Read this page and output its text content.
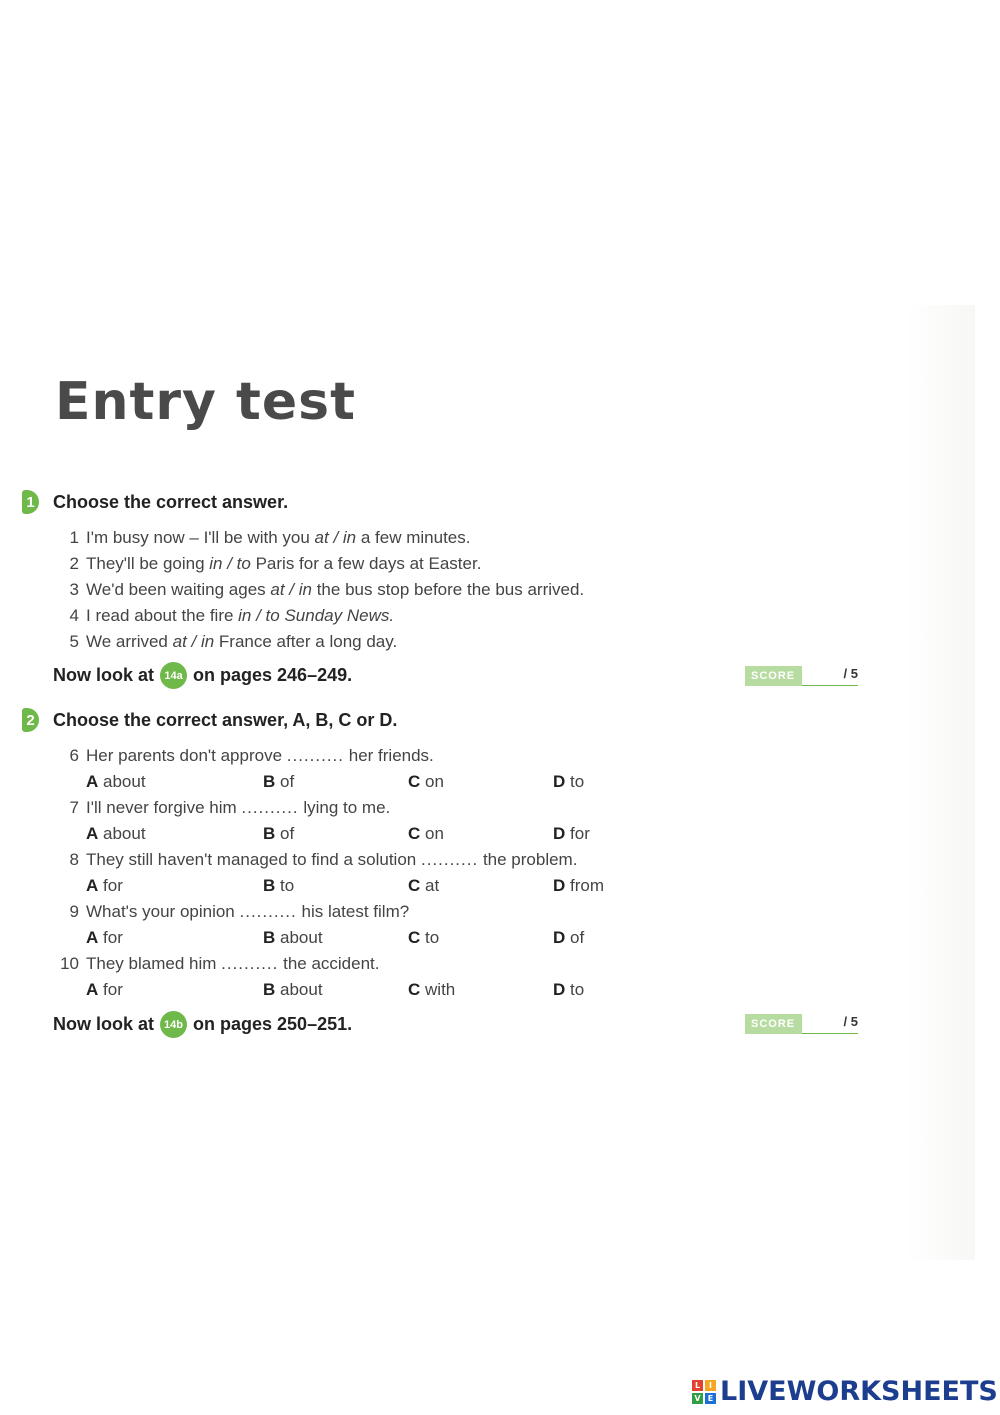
Entry test
1 Choose the correct answer.
1 I'm busy now – I'll be with you at / in a few minutes.
2 They'll be going in / to Paris for a few days at Easter.
3 We'd been waiting ages at / in the bus stop before the bus arrived.
4 I read about the fire in / to Sunday News.
5 We arrived at / in France after a long day.
Now look at 14a on pages 246–249.	SCORE	/ 5
2 Choose the correct answer, A, B, C or D.
6 Her parents don't approve .......... her friends.
A about	B of	C on	D to
7 I'll never forgive him .......... lying to me.
A about	B of	C on	D for
8 They still haven't managed to find a solution .......... the problem.
A for	B to	C at	D from
9 What's your opinion .......... his latest film?
A for	B about	C to	D of
10 They blamed him .......... the accident.
A for	B about	C with	D to
Now look at 14b on pages 250–251.	SCORE	/ 5
L	I
V E LIVEWORKSHEETS
